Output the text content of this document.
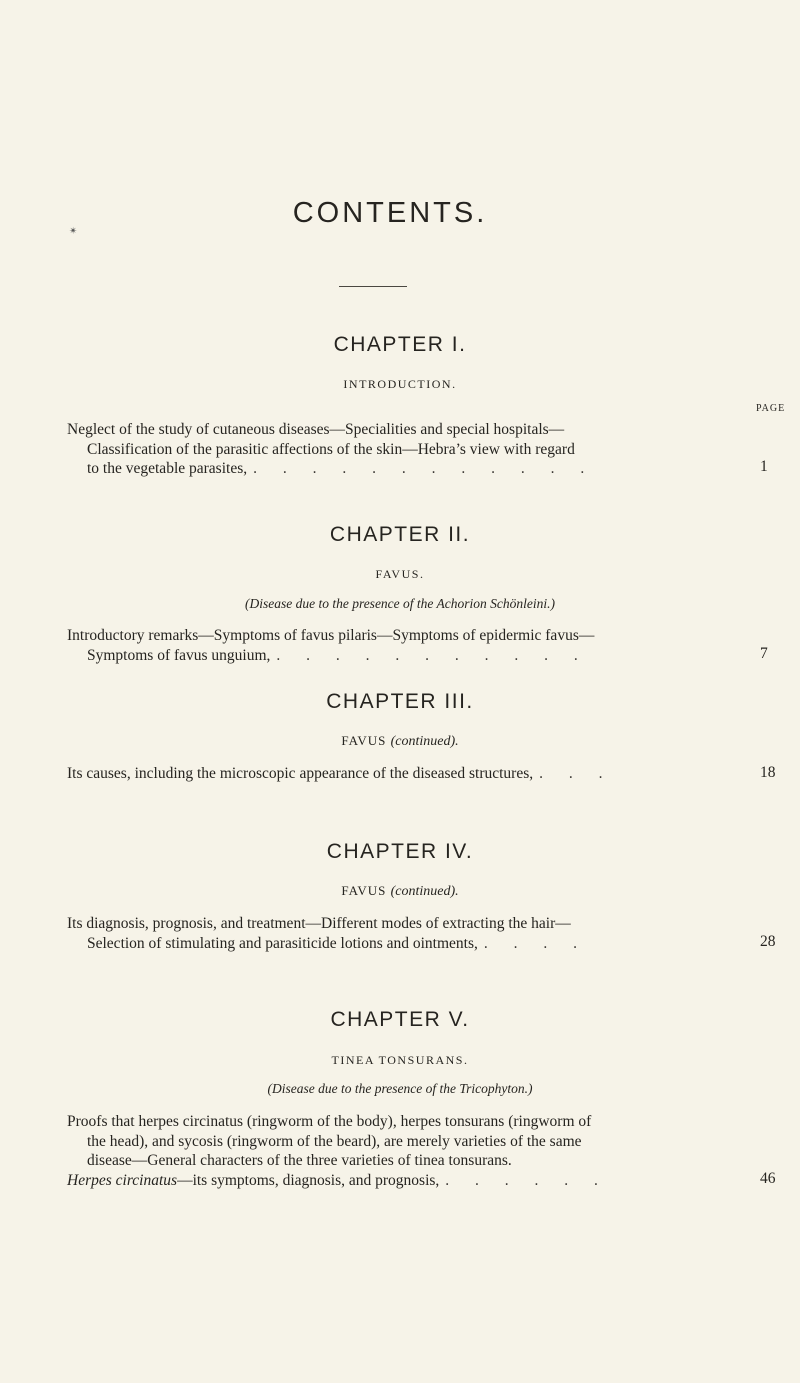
CONTENTS.
✴
CHAPTER I.
INTRODUCTION.
PAGE

Neglect of the study of cutaneous diseases—Specialities and special hospitals—

Classification of the parasitic affections of the skin—Hebra’s view with regard

to the vegetable parasites, . . . . . . . . . . . .	1
CHAPTER II.
FAVUS.
(Disease due to the presence of the Achorion Schönleini.)

Introductory remarks—Symptoms of favus pilaris—Symptoms of epidermic favus—

Symptoms of favus unguium, . . . . . . . . . . .	7
CHAPTER III.
FAVUS (continued).
Its causes, including the microscopic appearance of the diseased structures, . . .	18
CHAPTER IV.
FAVUS (continued).

Its diagnosis, prognosis, and treatment—Different modes of extracting the hair—

Selection of stimulating and parasiticide lotions and ointments, . . . .	28
CHAPTER V.
TINEA TONSURANS.
(Disease due to the presence of the Tricophyton.)

Proofs that herpes circinatus (ringworm of the body), herpes tonsurans (ringworm of

the head), and sycosis (ringworm of the beard), are merely varieties of the same

disease—General characters of the three varieties of tinea tonsurans.

Herpes circinatus—its symptoms, diagnosis, and prognosis, . . . . . .	46
